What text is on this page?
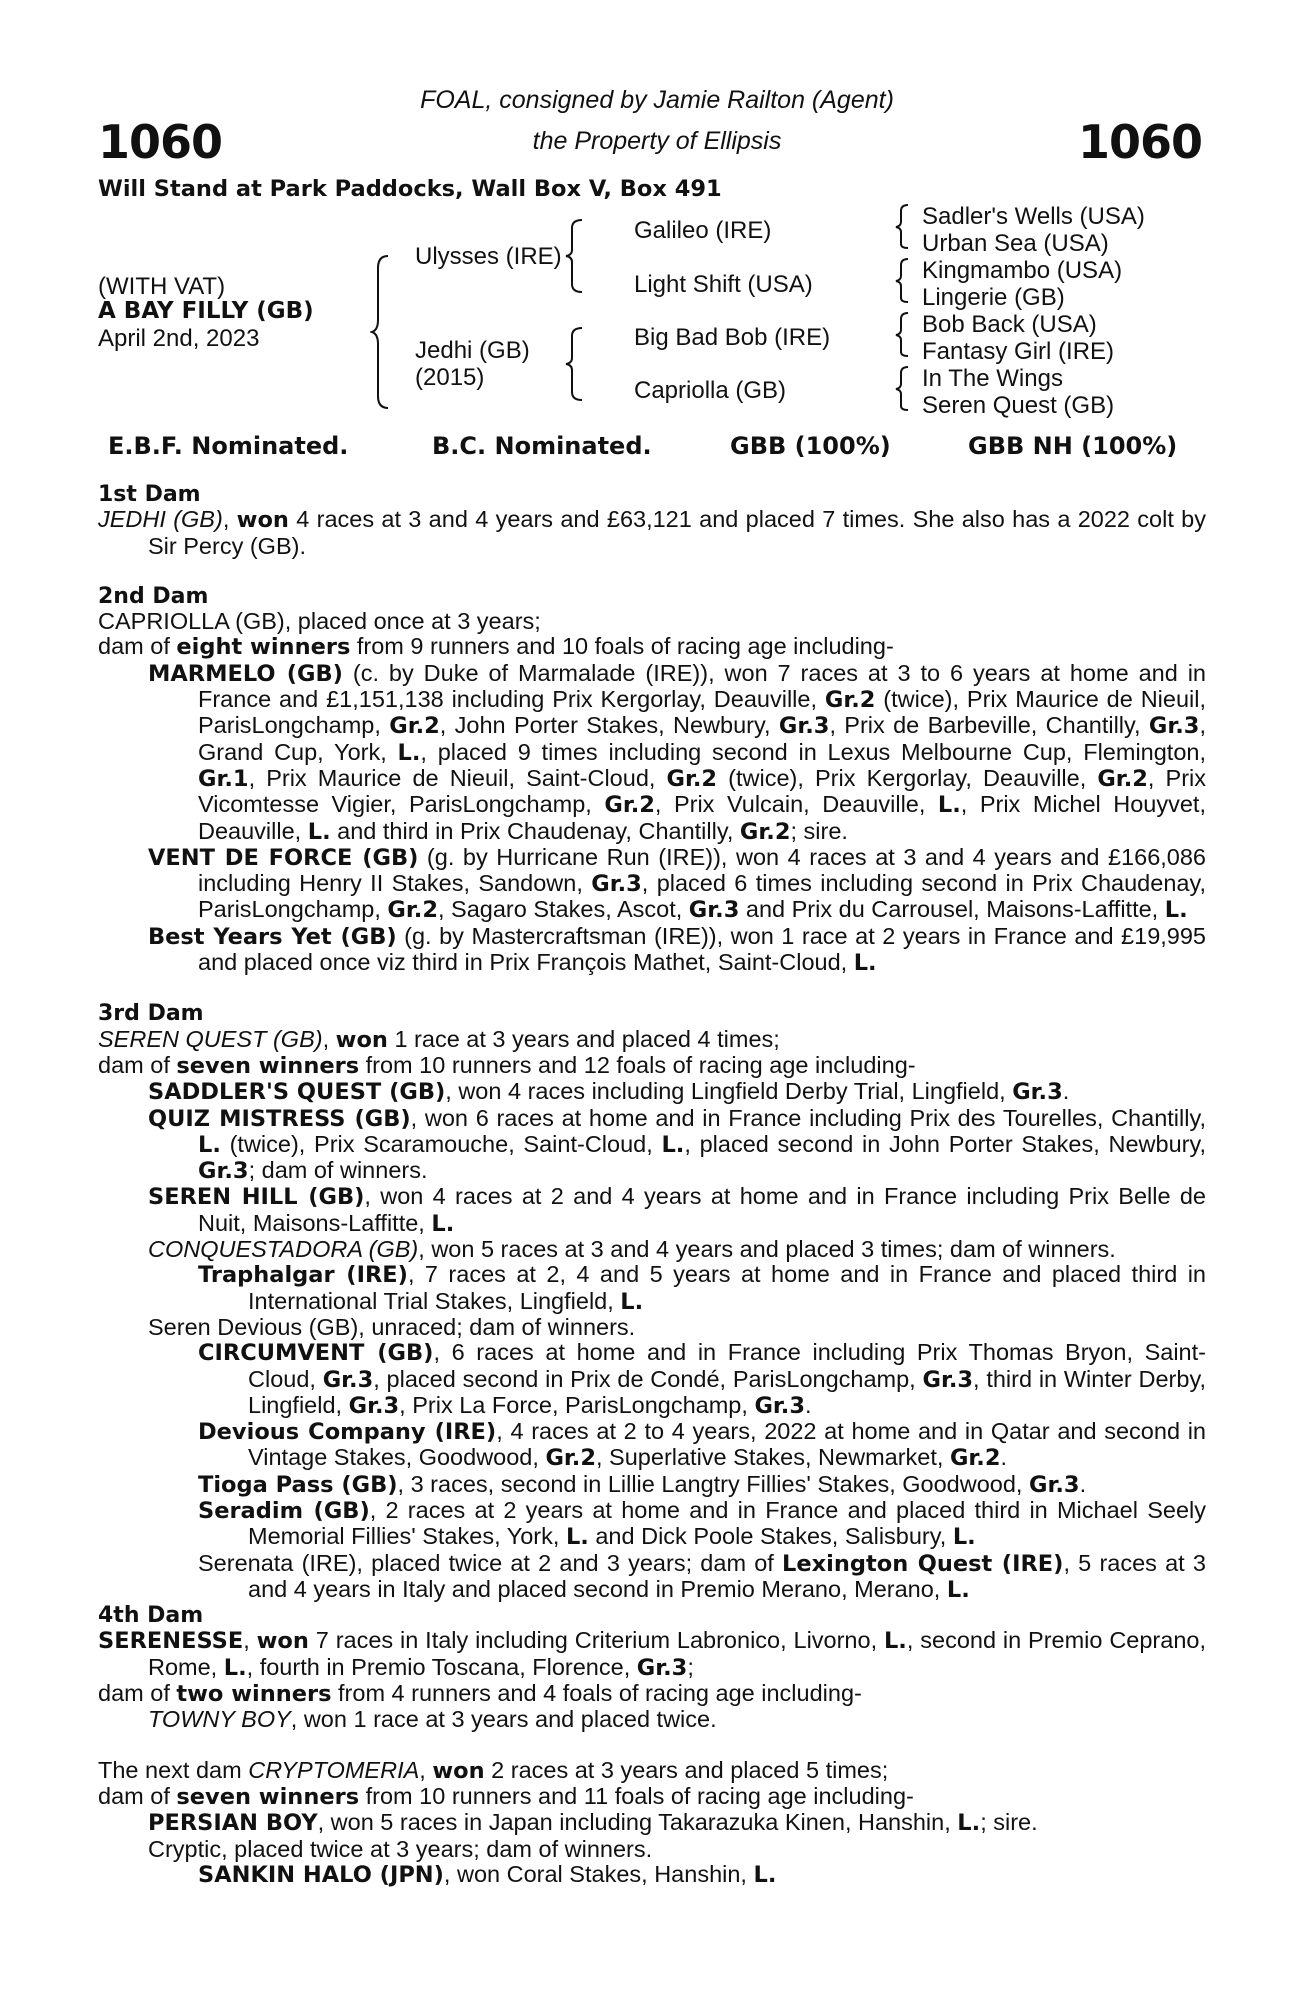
1060	1060
FOAL, consigned by Jamie Railton (Agent)
the Property of Ellipsis
Will Stand at Park Paddocks, Wall Box V, Box 491
(WITH VAT)
A BAY FILLY (GB)
April 2nd, 2023
Ulysses (IRE)
Jedhi (GB)
(2015)
Galileo (IRE)
Light Shift (USA)
Big Bad Bob (IRE)
Capriolla (GB)
Sadler's Wells (USA)
Urban Sea (USA)
Kingmambo (USA)
Lingerie (GB)
Bob Back (USA)
Fantasy Girl (IRE)
In The Wings
Seren Quest (GB)
E.B.F. Nominated.	B.C. Nominated.	GBB (100%)	GBB NH (100%)
1st Dam
JEDHI (GB), won 4 races at 3 and 4 years and £63,121 and placed 7 times. She also has a 2022 colt by Sir Percy (GB).
2nd Dam
CAPRIOLLA (GB), placed once at 3 years;
dam of eight winners from 9 runners and 10 foals of racing age including-
MARMELO (GB) (c. by Duke of Marmalade (IRE)), won 7 races at 3 to 6 years at home and in France and £1,151,138 including Prix Kergorlay, Deauville, Gr.2 (twice), Prix Maurice de Nieuil, ParisLongchamp, Gr.2, John Porter Stakes, Newbury, Gr.3, Prix de Barbeville, Chantilly, Gr.3, Grand Cup, York, L., placed 9 times including second in Lexus Melbourne Cup, Flemington, Gr.1, Prix Maurice de Nieuil, Saint-Cloud, Gr.2 (twice), Prix Kergorlay, Deauville, Gr.2, Prix Vicomtesse Vigier, ParisLongchamp, Gr.2, Prix Vulcain, Deauville, L., Prix Michel Houyvet, Deauville, L. and third in Prix Chaudenay, Chantilly, Gr.2; sire.
VENT DE FORCE (GB) (g. by Hurricane Run (IRE)), won 4 races at 3 and 4 years and £166,086 including Henry II Stakes, Sandown, Gr.3, placed 6 times including second in Prix Chaudenay, ParisLongchamp, Gr.2, Sagaro Stakes, Ascot, Gr.3 and Prix du Carrousel, Maisons-Laffitte, L.
Best Years Yet (GB) (g. by Mastercraftsman (IRE)), won 1 race at 2 years in France and £19,995 and placed once viz third in Prix François Mathet, Saint-Cloud, L.
3rd Dam
SEREN QUEST (GB), won 1 race at 3 years and placed 4 times;
dam of seven winners from 10 runners and 12 foals of racing age including-
SADDLER'S QUEST (GB), won 4 races including Lingfield Derby Trial, Lingfield, Gr.3.
QUIZ MISTRESS (GB), won 6 races at home and in France including Prix des Tourelles, Chantilly, L. (twice), Prix Scaramouche, Saint-Cloud, L., placed second in John Porter Stakes, Newbury, Gr.3; dam of winners.
SEREN HILL (GB), won 4 races at 2 and 4 years at home and in France including Prix Belle de Nuit, Maisons-Laffitte, L.
CONQUESTADORA (GB), won 5 races at 3 and 4 years and placed 3 times; dam of winners.
Traphalgar (IRE), 7 races at 2, 4 and 5 years at home and in France and placed third in International Trial Stakes, Lingfield, L.
Seren Devious (GB), unraced; dam of winners.
CIRCUMVENT (GB), 6 races at home and in France including Prix Thomas Bryon, Saint-Cloud, Gr.3, placed second in Prix de Condé, ParisLongchamp, Gr.3, third in Winter Derby, Lingfield, Gr.3, Prix La Force, ParisLongchamp, Gr.3.
Devious Company (IRE), 4 races at 2 to 4 years, 2022 at home and in Qatar and second in Vintage Stakes, Goodwood, Gr.2, Superlative Stakes, Newmarket, Gr.2.
Tioga Pass (GB), 3 races, second in Lillie Langtry Fillies' Stakes, Goodwood, Gr.3.
Seradim (GB), 2 races at 2 years at home and in France and placed third in Michael Seely Memorial Fillies' Stakes, York, L. and Dick Poole Stakes, Salisbury, L.
Serenata (IRE), placed twice at 2 and 3 years; dam of Lexington Quest (IRE), 5 races at 3 and 4 years in Italy and placed second in Premio Merano, Merano, L.
4th Dam
SERENESSE, won 7 races in Italy including Criterium Labronico, Livorno, L., second in Premio Ceprano, Rome, L., fourth in Premio Toscana, Florence, Gr.3;
dam of two winners from 4 runners and 4 foals of racing age including-
TOWNY BOY, won 1 race at 3 years and placed twice.
The next dam CRYPTOMERIA, won 2 races at 3 years and placed 5 times;
dam of seven winners from 10 runners and 11 foals of racing age including-
PERSIAN BOY, won 5 races in Japan including Takarazuka Kinen, Hanshin, L.; sire.
Cryptic, placed twice at 3 years; dam of winners.
SANKIN HALO (JPN), won Coral Stakes, Hanshin, L.
